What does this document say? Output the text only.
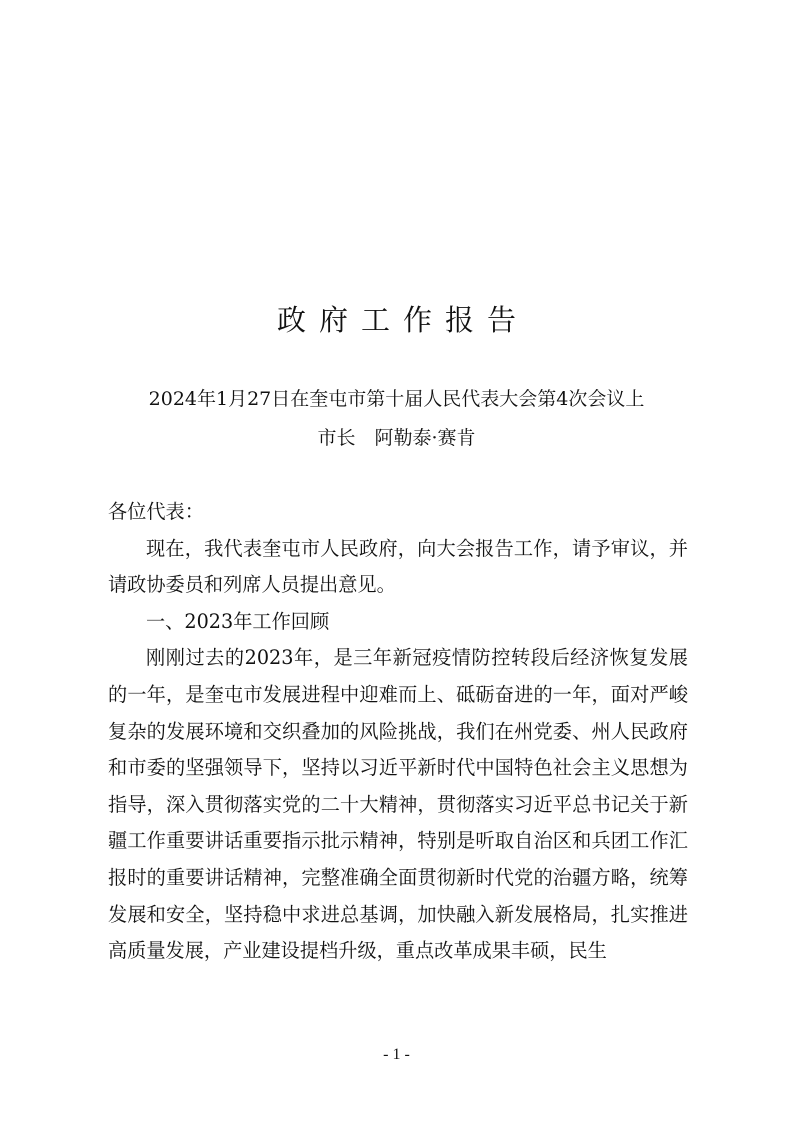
政府工作报告
2024年1月27日在奎屯市第十届人民代表大会第4次会议上
市长　阿勒泰·赛肯

各位代表：

现在，我代表奎屯市人民政府，向大会报告工作，请予审议，并请政协委员和列席人员提出意见。

一、2023年工作回顾

刚刚过去的2023年，是三年新冠疫情防控转段后经济恢复发展的一年，是奎屯市发展进程中迎难而上、砥砺奋进的一年，面对严峻复杂的发展环境和交织叠加的风险挑战，我们在州党委、州人民政府和市委的坚强领导下，坚持以习近平新时代中国特色社会主义思想为指导，深入贯彻落实党的二十大精神，贯彻落实习近平总书记关于新疆工作重要讲话重要指示批示精神，特别是听取自治区和兵团工作汇报时的重要讲话精神，完整准确全面贯彻新时代党的治疆方略，统筹发展和安全，坚持稳中求进总基调，加快融入新发展格局，扎实推进高质量发展，产业建设提档升级，重点改革成果丰硕，民生

- 1 -
